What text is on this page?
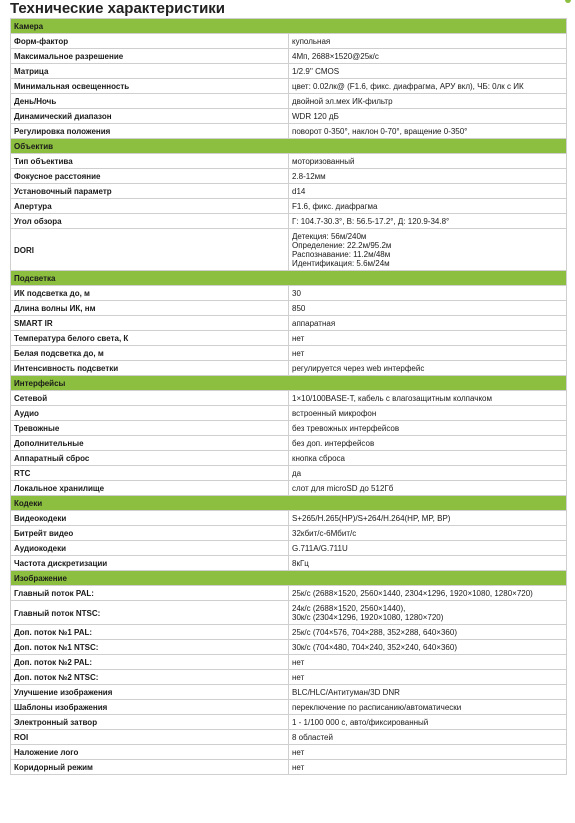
Технические характеристики
Камера	
Форм-фактор	купольная

Максимальное разрешение	4Мп, 2688×1520@25к/с

Матрица	1/2.9'' CMOS

Минимальная освещенность	цвет: 0.02лк@ (F1.6, фикс. диафрагма, АРУ вкл), ЧБ: 0лк с ИК

День/Ночь	двойной эл.мех ИК-фильтр

Динамический диапазон	WDR 120 дБ

Регулировка положения	поворот 0-350°, наклон 0-70°, вращение 0-350°

Объектив	
Тип объектива	моторизованный

Фокусное расстояние	2.8-12мм

Установочный параметр	d14

Апертура	F1.6, фикс. диафрагма

Угол обзора	Г: 104.7-30.3°, В: 56.5-17.2°, Д: 120.9-34.8°

DORI	Детекция: 56м/240м
Определение: 22.2м/95.2м
Распознавание: 11.2м/48м
Идентификация: 5.6м/24м

Подсветка	
ИК подсветка до, м	30

Длина волны ИК, нм	850

SMART IR	аппаратная

Температура белого света, К	нет

Белая подсветка до, м	нет

Интенсивность подсветки	регулируется через web интерфейс

Интерфейсы	
Сетевой	1×10/100BASE-T, кабель с влагозащитным колпачком

Аудио	встроенный микрофон

Тревожные	без тревожных интерфейсов

Дополнительные	без доп. интерфейсов

Аппаратный сброс	кнопка сброса

RTC	да

Локальное хранилище	слот для microSD до 512Гб

Кодеки	
Видеокодеки	S+265/H.265(HP)/S+264/H.264(HP, MP, BP)

Битрейт видео	32кбит/с-6Мбит/с

Аудиокодеки	G.711A/G.711U

Частота дискретизации	8кГц

Изображение	
Главный поток PAL:	25к/с (2688×1520, 2560×1440, 2304×1296, 1920×1080, 1280×720)

Главный поток NTSC:	24к/с (2688×1520, 2560×1440),
30к/с (2304×1296, 1920×1080, 1280×720)

Доп. поток №1 PAL:	25к/с (704×576, 704×288, 352×288, 640×360)

Доп. поток №1 NTSC:	30к/с (704×480, 704×240, 352×240, 640×360)

Доп. поток №2 PAL:	нет

Доп. поток №2 NTSC:	нет

Улучшение изображения	BLC/HLC/Антитуман/3D DNR

Шаблоны изображения	переключение по расписанию/автоматически

Электронный затвор	1 - 1/100 000 с, авто/фиксированный

ROI	8 областей

Наложение лого	нет

Коридорный режим	нет
